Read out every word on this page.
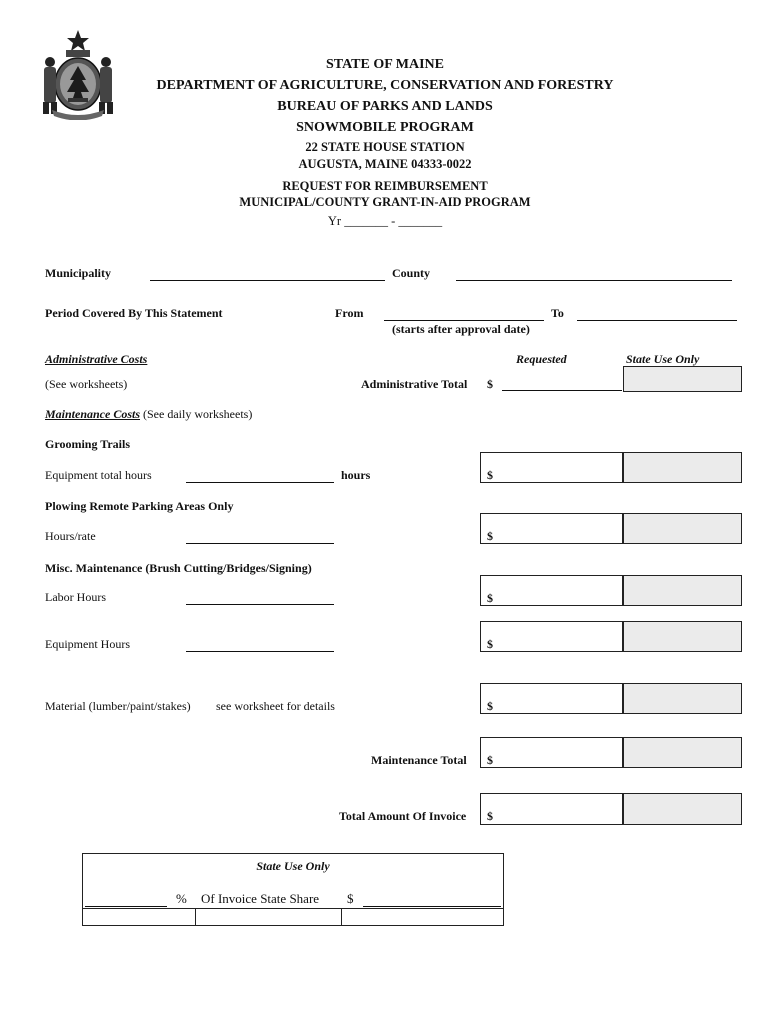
STATE OF MAINE
DEPARTMENT OF AGRICULTURE, CONSERVATION AND FORESTRY
BUREAU OF PARKS AND LANDS
SNOWMOBILE PROGRAM
22 STATE HOUSE STATION
AUGUSTA, MAINE 04333-0022
REQUEST FOR REIMBURSEMENT
MUNICIPAL/COUNTY GRANT-IN-AID PROGRAM
Yr _______ - _______
Municipality	County
Period Covered By This Statement	From	To
(starts after approval date)
Administrative Costs	Requested	State Use Only
(See worksheets)	Administrative Total $
Maintenance Costs (See daily worksheets)
Grooming Trails
Equipment total hours	hours	$
Plowing Remote Parking Areas Only
Hours/rate	$
Misc. Maintenance (Brush Cutting/Bridges/Signing)
Labor Hours	$
Equipment Hours	$
Material (lumber/paint/stakes) see worksheet for details	$
Maintenance Total $
Total Amount Of Invoice $
State Use Only
% Of Invoice State Share $
